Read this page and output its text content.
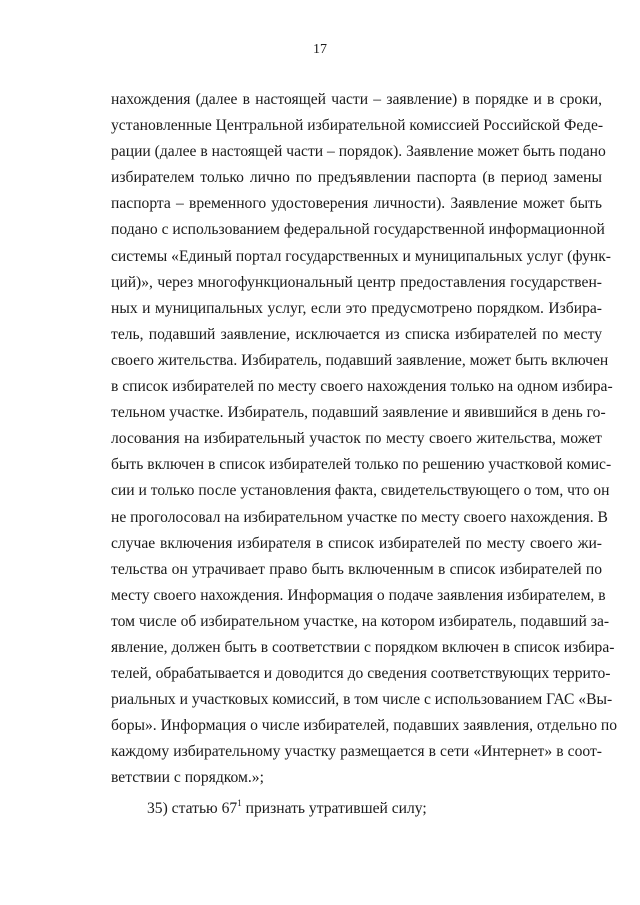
17
нахождения (далее в настоящей части – заявление) в порядке и в сроки,
установленные Центральной избирательной комиссией Российской Феде-
рации (далее в настоящей части – порядок). Заявление может быть подано
избирателем только лично по предъявлении паспорта (в период замены
паспорта – временного удостоверения личности). Заявление может быть
подано с использованием федеральной государственной информационной
системы «Единый портал государственных и муниципальных услуг (функ-
ций)», через многофункциональный центр предоставления государствен-
ных и муниципальных услуг, если это предусмотрено порядком. Избира-
тель, подавший заявление, исключается из списка избирателей по месту
своего жительства. Избиратель, подавший заявление, может быть включен
в список избирателей по месту своего нахождения только на одном избира-
тельном участке. Избиратель, подавший заявление и явившийся в день го-
лосования на избирательный участок по месту своего жительства, может
быть включен в список избирателей только по решению участковой комис-
сии и только после установления факта, свидетельствующего о том, что он
не проголосовал на избирательном участке по месту своего нахождения. В
случае включения избирателя в список избирателей по месту своего жи-
тельства он утрачивает право быть включенным в список избирателей по
месту своего нахождения. Информация о подаче заявления избирателем, в
том числе об избирательном участке, на котором избиратель, подавший за-
явление, должен быть в соответствии с порядком включен в список избира-
телей, обрабатывается и доводится до сведения соответствующих террито-
риальных и участковых комиссий, в том числе с использованием ГАС «Вы-
боры». Информация о числе избирателей, подавших заявления, отдельно по
каждому избирательному участку размещается в сети «Интернет» в соот-
ветствии с порядком.»;
35) статью $67^1$ признать утратившей силу;
